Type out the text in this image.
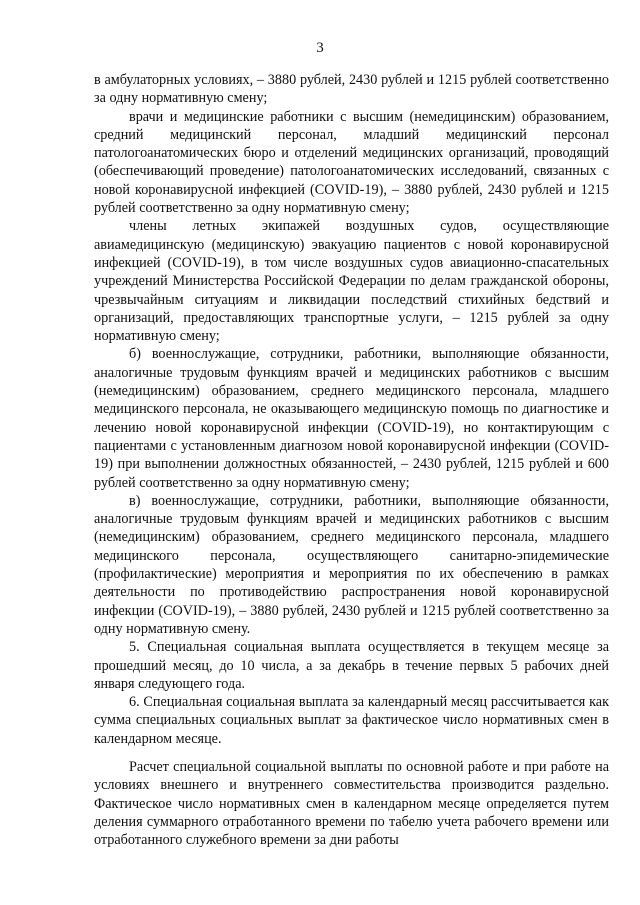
3

в амбулаторных условиях, – 3880 рублей, 2430 рублей и 1215 рублей соответственно за одну нормативную смену;

врачи и медицинские работники с высшим (немедицинским) образованием, средний медицинский персонал, младший медицинский персонал патологоанатомических бюро и отделений медицинских организаций, проводящий (обеспечивающий проведение) патологоанатомических исследований, связанных с новой коронавирусной инфекцией (COVID-19), – 3880 рублей, 2430 рублей и 1215 рублей соответственно за одну нормативную смену;

члены летных экипажей воздушных судов, осуществляющие авиамедицинскую (медицинскую) эвакуацию пациентов с новой коронавирусной инфекцией (COVID-19), в том числе воздушных судов авиационно-спасательных учреждений Министерства Российской Федерации по делам гражданской обороны, чрезвычайным ситуациям и ликвидации последствий стихийных бедствий и организаций, предоставляющих транспортные услуги, – 1215 рублей за одну нормативную смену;

б) военнослужащие, сотрудники, работники, выполняющие обязанности, аналогичные трудовым функциям врачей и медицинских работников с высшим (немедицинским) образованием, среднего медицинского персонала, младшего медицинского персонала, не оказывающего медицинскую помощь по диагностике и лечению новой коронавирусной инфекции (COVID-19), но контактирующим с пациентами с установленным диагнозом новой коронавирусной инфекции (COVID-19) при выполнении должностных обязанностей, – 2430 рублей, 1215 рублей и 600 рублей соответственно за одну нормативную смену;

в) военнослужащие, сотрудники, работники, выполняющие обязанности, аналогичные трудовым функциям врачей и медицинских работников с высшим (немедицинским) образованием, среднего медицинского персонала, младшего медицинского персонала, осуществляющего санитарно-эпидемические (профилактические) мероприятия и мероприятия по их обеспечению в рамках деятельности по противодействию распространения новой коронавирусной инфекции (COVID-19), – 3880 рублей, 2430 рублей и 1215 рублей соответственно за одну нормативную смену.

5. Специальная социальная выплата осуществляется в текущем месяце за прошедший месяц, до 10 числа, а за декабрь в течение первых 5 рабочих дней января следующего года.

6. Специальная социальная выплата за календарный месяц рассчитывается как сумма специальных социальных выплат за фактическое число нормативных смен в календарном месяце.

Расчет специальной социальной выплаты по основной работе и при работе на условиях внешнего и внутреннего совместительства производится раздельно. Фактическое число нормативных смен в календарном месяце определяется путем деления суммарного отработанного времени по табелю учета рабочего времени или отработанного служебного времени за дни работы
